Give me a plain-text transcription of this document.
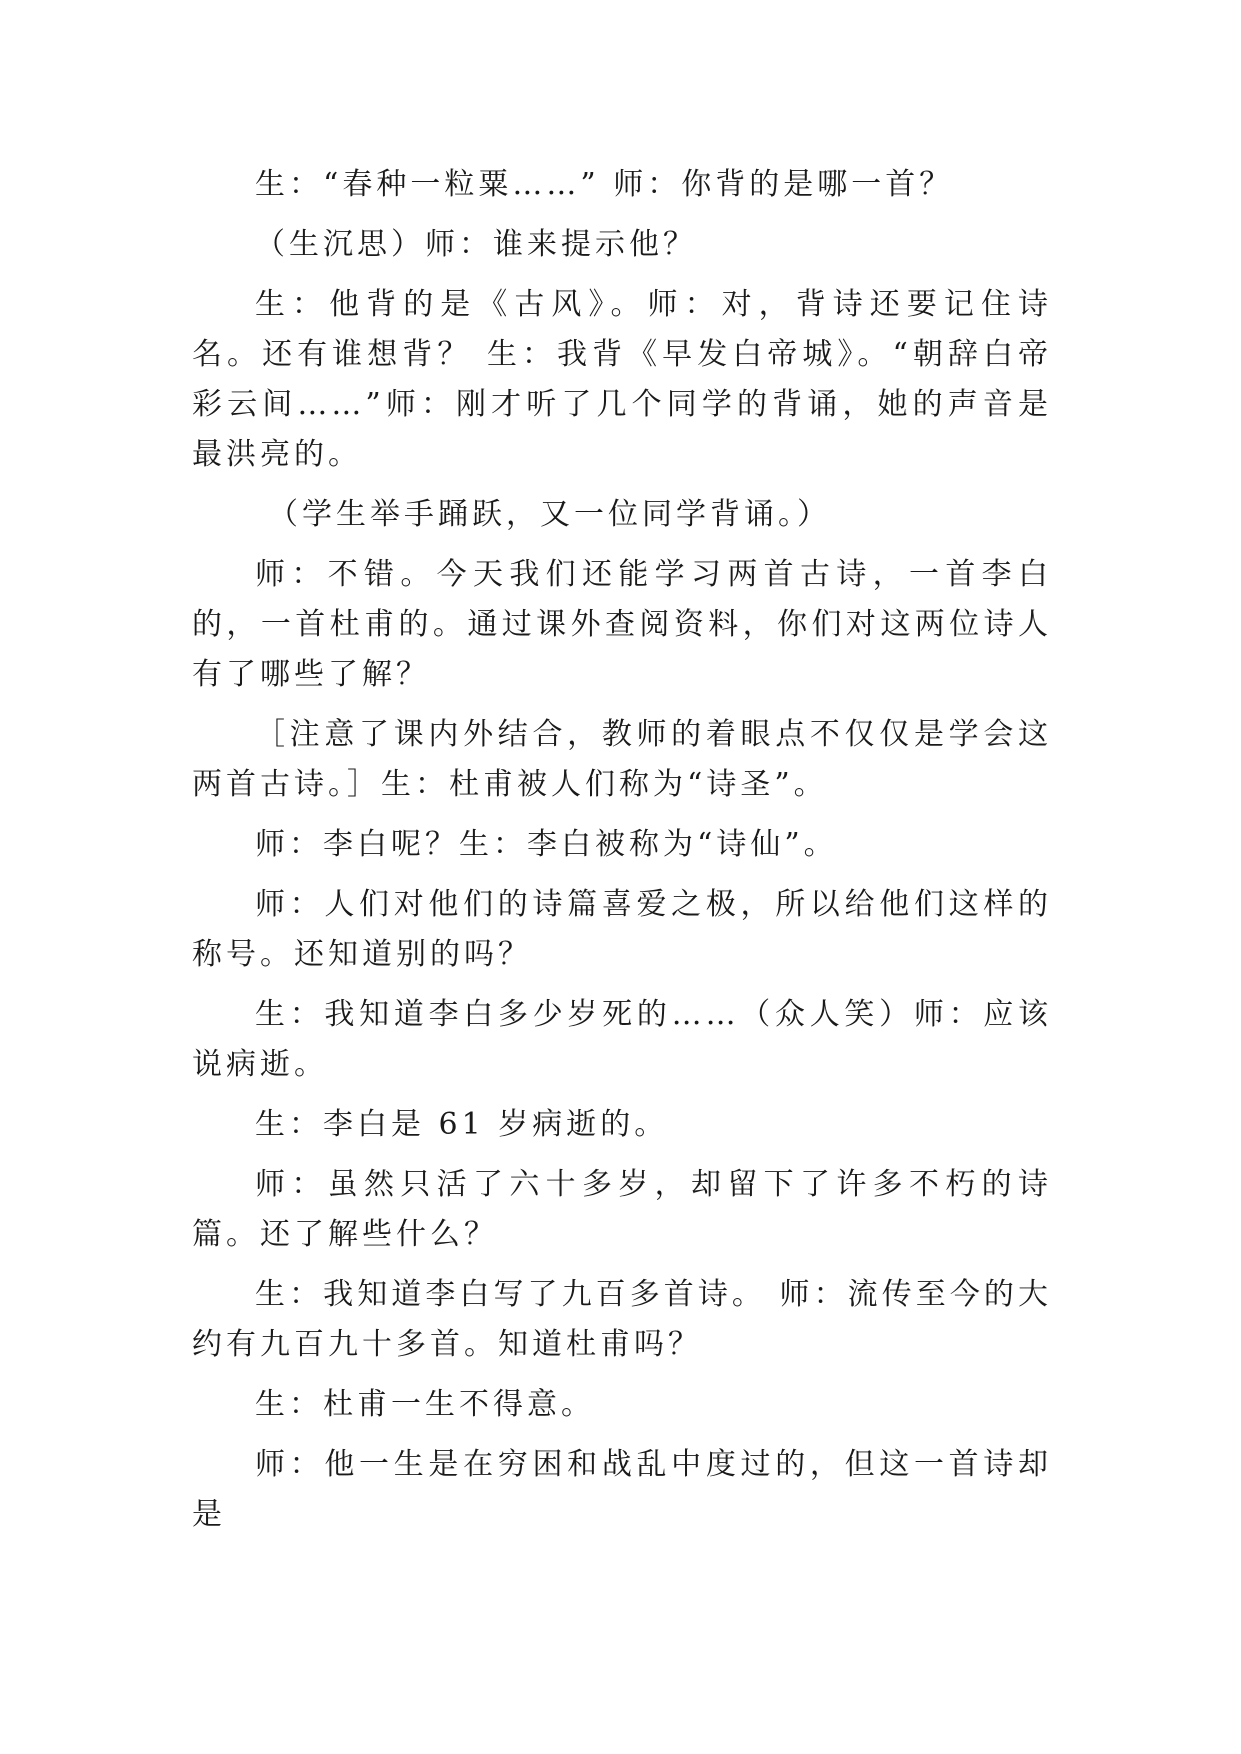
生：“春种一粒粟……” 师：你背的是哪一首？

（生沉思）师：谁来提示他？

生：他背的是《古风》。师：对，背诗还要记住诗名。还有谁想背？ 生：我背《早发白帝城》。“朝辞白帝彩云间……”师：刚才听了几个同学的背诵，她的声音是最洪亮的。

（学生举手踊跃，又一位同学背诵。）

师：不错。今天我们还能学习两首古诗，一首李白的，一首杜甫的。通过课外查阅资料，你们对这两位诗人有了哪些了解？

［注意了课内外结合，教师的着眼点不仅仅是学会这两首古诗。］生：杜甫被人们称为“诗圣”。

师：李白呢？生：李白被称为“诗仙”。

师：人们对他们的诗篇喜爱之极，所以给他们这样的称号。还知道别的吗？

生：我知道李白多少岁死的……（众人笑）师：应该说病逝。

生：李白是 61 岁病逝的。

师：虽然只活了六十多岁，却留下了许多不朽的诗篇。还了解些什么？

生：我知道李白写了九百多首诗。 师：流传至今的大约有九百九十多首。知道杜甫吗？

生：杜甫一生不得意。

师：他一生是在穷困和战乱中度过的，但这一首诗却是
